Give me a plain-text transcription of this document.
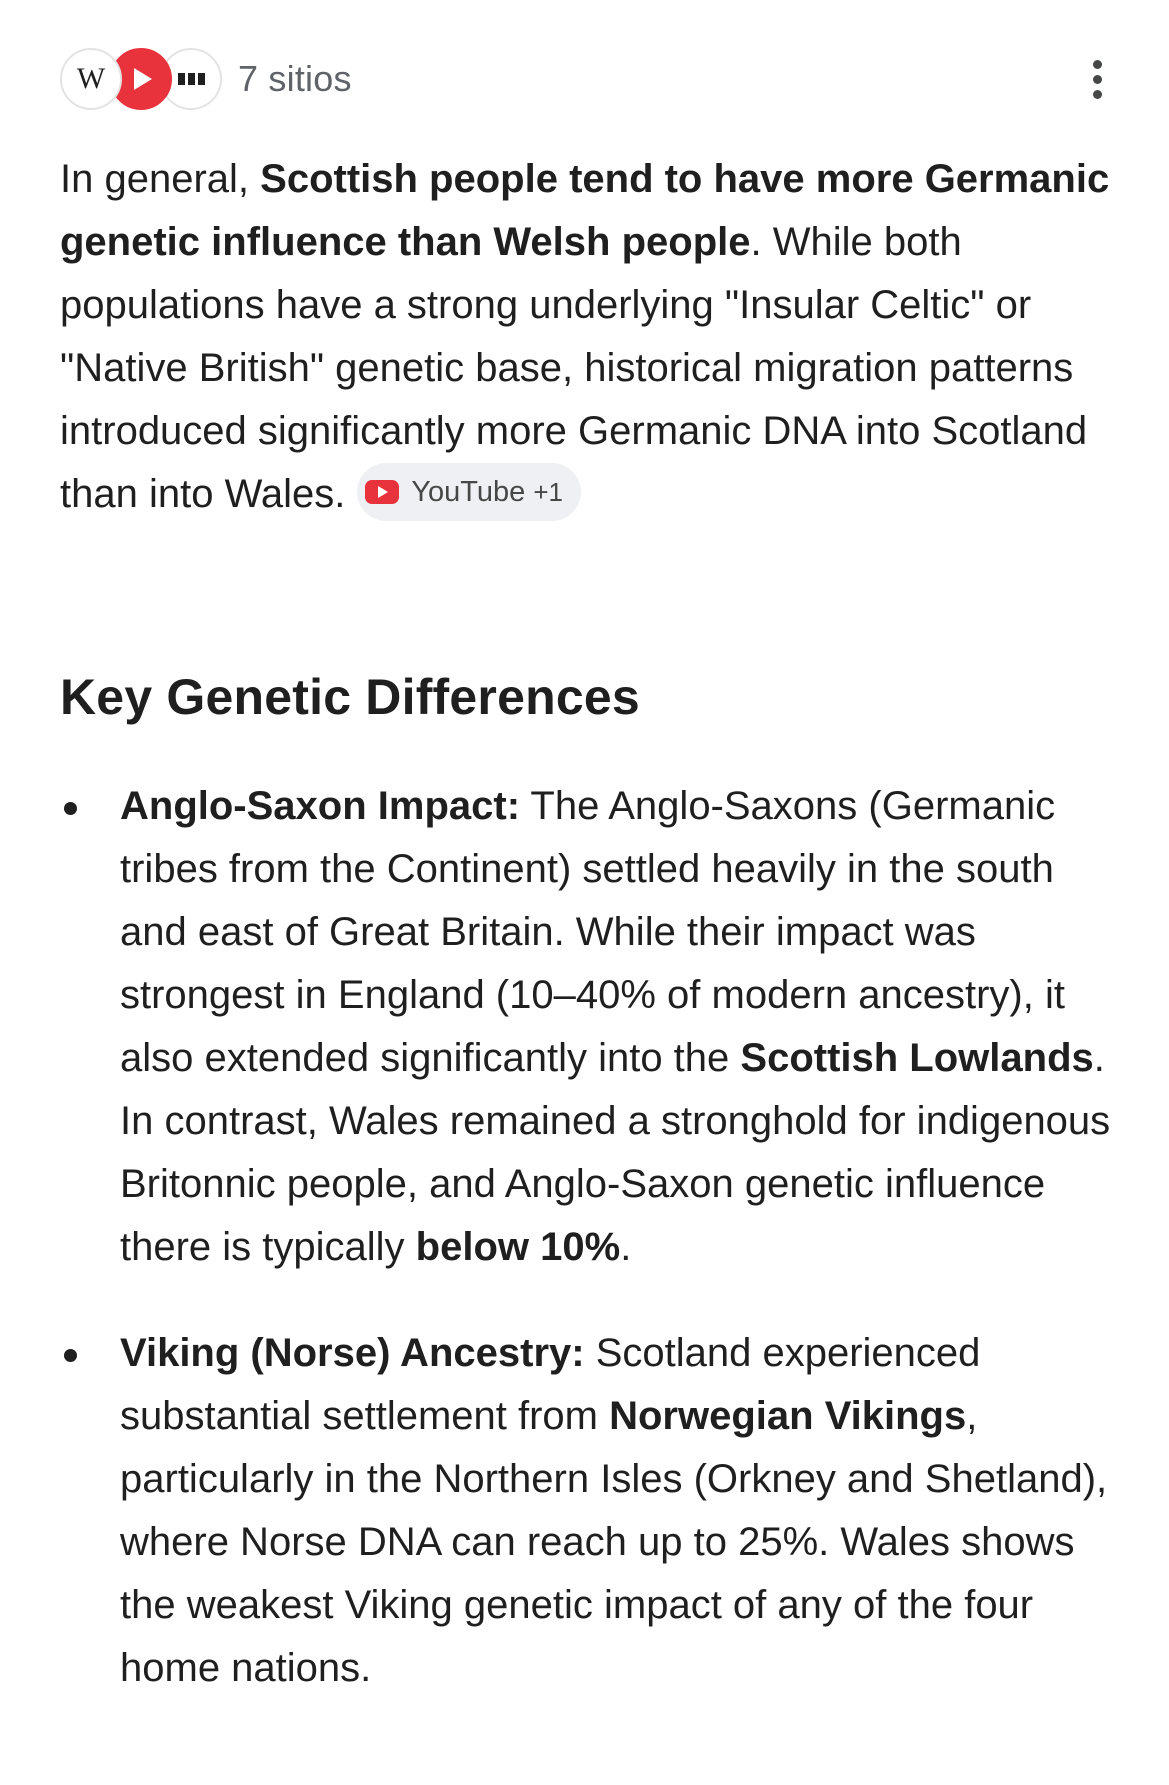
W	7 sitios

In general, Scottish people tend to have more Germanic genetic influence than Welsh people. While both populations have a strong underlying "Insular Celtic" or "Native British" genetic base, historical migration patterns introduced significantly more Germanic DNA into Scotland than into Wales. YouTube +1

Key Genetic Differences
Anglo-Saxon Impact: The Anglo-Saxons (Germanic tribes from the Continent) settled heavily in the south and east of Great Britain. While their impact was strongest in England (10–40% of modern ancestry), it also extended significantly into the Scottish Lowlands. In contrast, Wales remained a stronghold for indigenous Britonnic people, and Anglo-Saxon genetic influence there is typically below 10%.
Viking (Norse) Ancestry: Scotland experienced substantial settlement from Norwegian Vikings, particularly in the Northern Isles (Orkney and Shetland), where Norse DNA can reach up to 25%. Wales shows the weakest Viking genetic impact of any of the four home nations.
